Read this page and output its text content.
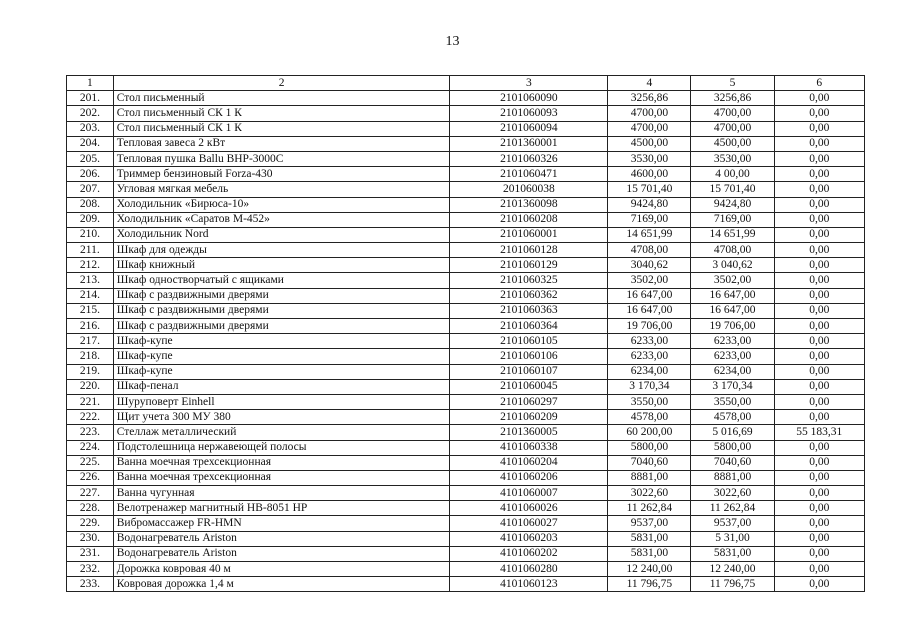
13
1	2	3	4	5	6
201.	Стол письменный	2101060090	3256,86	3256,86	0,00
202.	Стол письменный СК 1 К	2101060093	4700,00	4700,00	0,00
203.	Стол письменный СК 1 К	2101060094	4700,00	4700,00	0,00
204.	Тепловая завеса 2 кВт	2101360001	4500,00	4500,00	0,00
205.	Тепловая пушка Ballu BHP-3000C	2101060326	3530,00	3530,00	0,00
206.	Триммер бензиновый Forza-430	2101060471	4600,00	4 00,00	0,00
207.	Угловая мягкая мебель	201060038	15 701,40	15 701,40	0,00
208.	Холодильник «Бирюса-10»	2101360098	9424,80	9424,80	0,00
209.	Холодильник «Саратов М-452»	2101060208	7169,00	7169,00	0,00
210.	Холодильник Nord	2101060001	14 651,99	14 651,99	0,00
211.	Шкаф для одежды	2101060128	4708,00	4708,00	0,00
212.	Шкаф книжный	2101060129	3040,62	3 040,62	0,00
213.	Шкаф одностворчатый с ящиками	2101060325	3502,00	3502,00	0,00
214.	Шкаф с раздвижными дверями	2101060362	16 647,00	16 647,00	0,00
215.	Шкаф с раздвижными дверями	2101060363	16 647,00	16 647,00	0,00
216.	Шкаф с раздвижными дверями	2101060364	19 706,00	19 706,00	0,00
217.	Шкаф-купе	2101060105	6233,00	6233,00	0,00
218.	Шкаф-купе	2101060106	6233,00	6233,00	0,00
219.	Шкаф-купе	2101060107	6234,00	6234,00	0,00
220.	Шкаф-пенал	2101060045	3 170,34	3 170,34	0,00
221.	Шуруповерт Einhell	2101060297	3550,00	3550,00	0,00
222.	Щит учета 300 МУ 380	2101060209	4578,00	4578,00	0,00
223.	Стеллаж металлический	2101360005	60 200,00	5 016,69	55 183,31
224.	Подстолешница нержавеющей полосы	4101060338	5800,00	5800,00	0,00
225.	Ванна моечная трехсекционная	4101060204	7040,60	7040,60	0,00
226.	Ванна моечная трехсекционная	4101060206	8881,00	8881,00	0,00
227.	Ванна чугунная	4101060007	3022,60	3022,60	0,00
228.	Велотренажер магнитный HB-8051 HP	4101060026	11 262,84	11 262,84	0,00
229.	Вибромассажер FR-HMN	4101060027	9537,00	9537,00	0,00
230.	Водонагреватель Ariston	4101060203	5831,00	5 31,00	0,00
231.	Водонагреватель Ariston	4101060202	5831,00	5831,00	0,00
232.	Дорожка ковровая 40 м	4101060280	12 240,00	12 240,00	0,00
233.	Ковровая дорожка 1,4 м	4101060123	11 796,75	11 796,75	0,00
